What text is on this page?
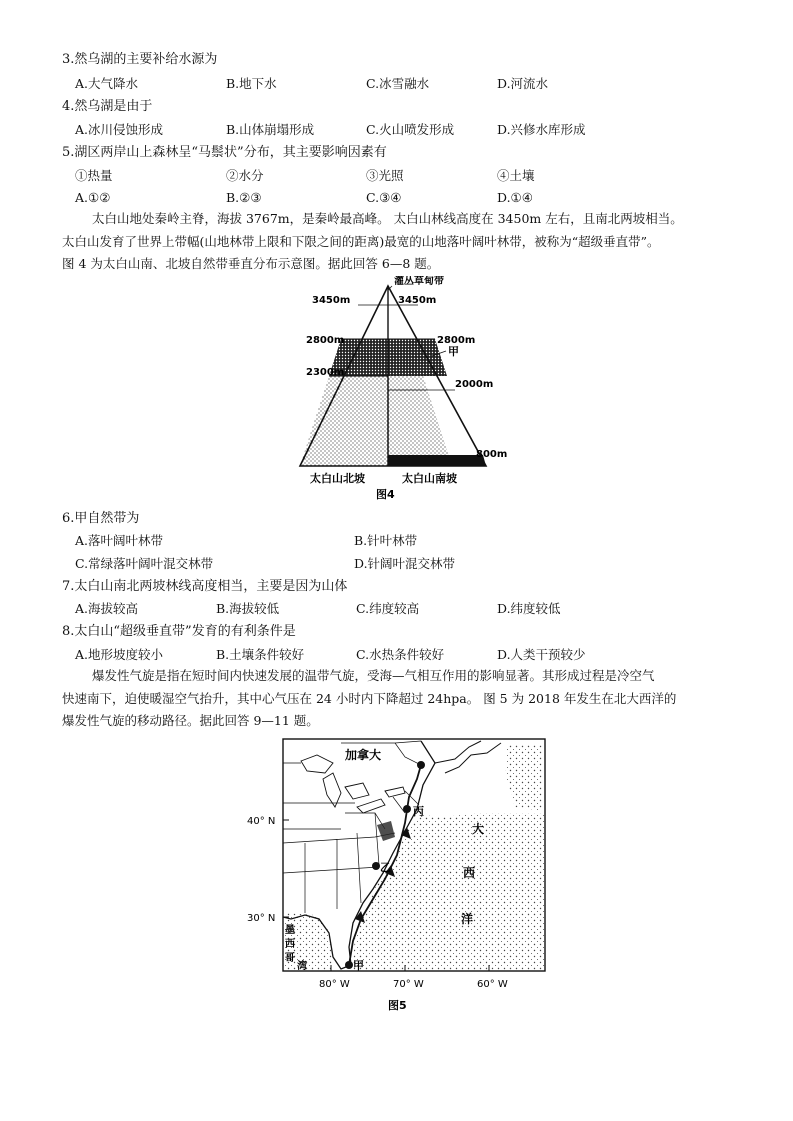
3.然乌湖的主要补给水源为
A.大气降水	B.地下水	C.冰雪融水	D.河流水
4.然乌湖是由于
A.冰川侵蚀形成	B.山体崩塌形成	C.火山喷发形成	D.兴修水库形成
5.湖区两岸山上森林呈“马鬃状”分布，其主要影响因素有
①热量	②水分	③光照	④土壤
A.①②	B.②③	C.③④	D.①④

太白山地处秦岭主脊，海拔 3767m，是秦岭最高峰。 太白山林线高度在 3450m 左右，且南北两坡相当。

太白山发育了世界上带幅(山地林带上限和下限之间的距离)最宽的山地落叶阔叶林带，被称为“超级垂直带”。

图 4 为太白山南、北坡自然带垂直分布示意图。据此回答 6—8 题。

灌丛草甸带
3450m	3450m
2800m	2800m
2300m
2000m
800m
甲
太白山北坡	太白山南坡
图4
6.甲自然带为
A.落叶阔叶林带	B.针叶林带
C.常绿落叶阔叶混交林带	D.针阔叶混交林带
7.太白山南北两坡林线高度相当，主要是因为山体
A.海拔较高	B.海拔较低	C.纬度较高	D.纬度较低
8.太白山“超级垂直带”发育的有利条件是
A.地形坡度较小	B.土壤条件较好	C.水热条件较好	D.人类干预较少

爆发性气旋是指在短时间内快速发展的温带气旋，受海—气相互作用的影响显著。其形成过程是冷空气

快速南下，迫使暖湿空气抬升，其中心气压在 24 小时内下降超过 24hpa。 图 5 为 2018 年发生在北大西洋的

爆发性气旋的移动路径。据此回答 9—11 题。

加拿大
大
西
洋
墨
西
哥
湾	甲
乙
丙
40° N
30° N
80° W	70° W	60° W
图5
